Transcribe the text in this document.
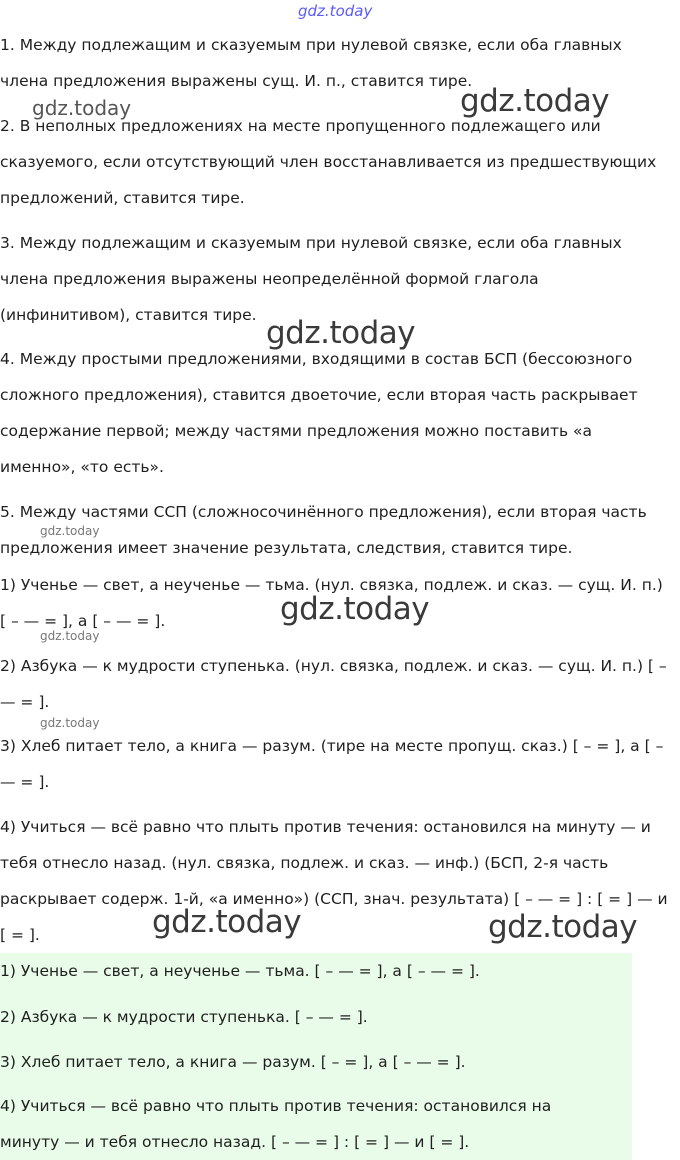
1. Между подлежащим и сказуемым при нулевой связке, если оба главных члена предложения выражены сущ. И. п., ставится тире.

2. В неполных предложениях на месте пропущенного подлежащего или сказуемого, если отсутствующий член восстанавливается из предшествующих предложений, ставится тире.

3. Между подлежащим и сказуемым при нулевой связке, если оба главных члена предложения выражены неопределённой формой глагола (инфинитивом), ставится тире.

4. Между простыми предложениями, входящими в состав БСП (бессоюзного сложного предложения), ставится двоеточие, если вторая часть раскрывает содержание первой; между частями предложения можно поставить «а именно», «то есть».

5. Между частями ССП (сложносочинённого предложения), если вторая часть предложения имеет значение результата, следствия, ставится тире.

1) Ученье — свет, а неученье — тьма. (нул. связка, подлеж. и сказ. — сущ. И. п.) [ – — = ], а [ – — = ].

2) Азбука — к мудрости ступенька. (нул. связка, подлеж. и сказ. — сущ. И. п.) [ – — = ].

3) Хлеб питает тело, а книга — разум. (тире на месте пропущ. сказ.) [ – = ], а [ – — = ].

4) Учиться — всё равно что плыть против течения: остановился на минуту — и тебя отнесло назад. (нул. связка, подлеж. и сказ. — инф.) (БСП, 2-я часть раскрывает содерж. 1-й, «а именно») (ССП, знач. результата) [ – — = ] : [ = ] — и [ = ].

1) Ученье — свет, а неученье — тьма. [ – — = ], а [ – — = ].

2) Азбука — к мудрости ступенька. [ – — = ].

3) Хлеб питает тело, а книга — разум. [ – = ], а [ – — = ].

4) Учиться — всё равно что плыть против течения: остановился на минуту — и тебя отнесло назад. [ – — = ] : [ = ] — и [ = ].

gdz.today
gdz.today	gdz.today
gdz.today
gdz.today
gdz.today
gdz.today
gdz.today
gdz.today	gdz.today
